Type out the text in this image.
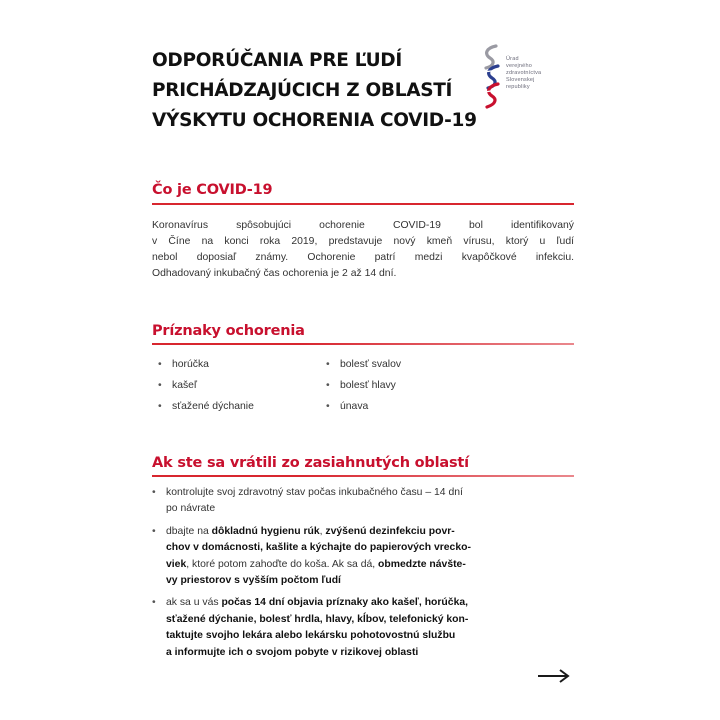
ODPORÚČANIA PRE ĽUDÍ
PRICHÁDZAJÚCICH Z OBLASTÍ
VÝSKYTU OCHORENIA COVID-19
Úrad
verejného
zdravotníctva
Slovenskej
republiky
Čo je COVID-19

Koronavírus spôsobujúci ochorenie COVID-19 bol identifikovaný
v Číne na konci roka 2019, predstavuje nový kmeň vírusu, ktorý u ľudí
nebol doposiaľ známy. Ochorenie patrí medzi kvapôčkové infekciu.
Odhadovaný inkubačný čas ochorenia je 2 až 14 dní.

Príznaky ochorenia
• horúčka
• kašeľ
• sťažené dýchanie
• bolesť svalov
• bolesť hlavy
• únava
Ak ste sa vrátili zo zasiahnutých oblastí
• kontrolujte svoj zdravotný stav počas inkubačného času – 14 dní
po návrate
• dbajte na dôkladnú hygienu rúk, zvýšenú dezinfekciu povr-
chov v domácnosti, kašlite a kýchajte do papierových vrecko-
viek, ktoré potom zahoďte do koša. Ak sa dá, obmedzte návšte-
vy priestorov s vyšším počtom ľudí
• ak sa u vás počas 14 dní objavia príznaky ako kašeľ, horúčka,
sťažené dýchanie, bolesť hrdla, hlavy, kĺbov, telefonický kon-
taktujte svojho lekára alebo lekársku pohotovostnú službu
a informujte ich o svojom pobyte v rizikovej oblasti
